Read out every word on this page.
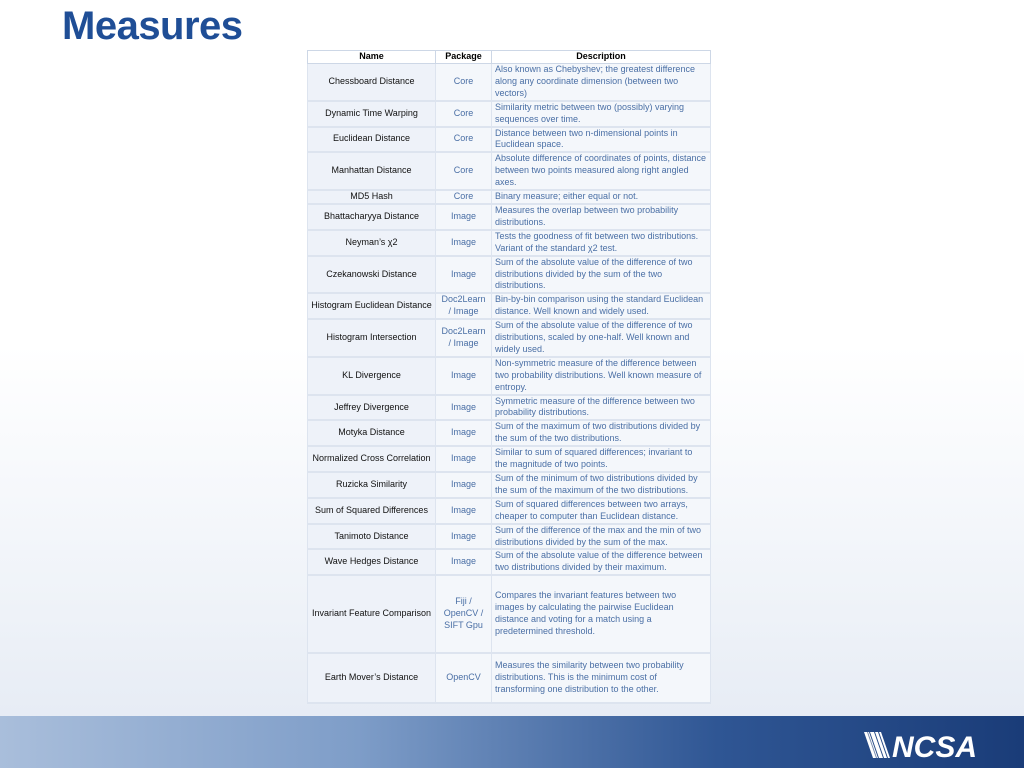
Measures
Name	Package	Description
Chessboard Distance	Core	Also known as Chebyshev; the greatest difference along any coordinate dimension (between two vectors)
Dynamic Time Warping	Core	Similarity metric between two (possibly) varying sequences over time.
Euclidean Distance	Core	Distance between two n-dimensional points in Euclidean space.
Manhattan Distance	Core	Absolute difference of coordinates of points, distance between two points measured along right angled axes.
MD5 Hash	Core	Binary measure; either equal or not.
Bhattacharyya Distance	Image	Measures the overlap between two probability distributions.
Neyman’s χ2	Image	Tests the goodness of fit between two distributions. Variant of the standard χ2 test.
Czekanowski Distance	Image	Sum of the absolute value of the difference of two distributions divided by the sum of the two distributions.
Histogram Euclidean Distance	Doc2Learn / Image	Bin-by-bin comparison using the standard Euclidean distance. Well known and widely used.
Histogram Intersection	Doc2Learn / Image	Sum of the absolute value of the difference of two distributions, scaled by one-half. Well known and widely used.
KL Divergence	Image	Non-symmetric measure of the difference between two probability distributions. Well known measure of entropy.
Jeffrey Divergence	Image	Symmetric measure of the difference between two probability distributions.
Motyka Distance	Image	Sum of the maximum of two distributions divided by the sum of the two distributions.
Normalized Cross Correlation	Image	Similar to sum of squared differences; invariant to the magnitude of two points.
Ruzicka Similarity	Image	Sum of the minimum of two distributions divided by the sum of the maximum of the two distributions.
Sum of Squared Differences	Image	Sum of squared differences between two arrays, cheaper to computer than Euclidean distance.
Tanimoto Distance	Image	Sum of the difference of the max and the min of two distributions divided by the sum of the max.
Wave Hedges Distance	Image	Sum of the absolute value of the difference between two distributions divided by their maximum.
Invariant Feature Comparison	Fiji / OpenCV / SIFT Gpu	Compares the invariant features between two images by calculating the pairwise Euclidean distance and voting for a match using a predetermined threshold.
Earth Mover’s Distance	OpenCV	Measures the similarity between two probability distributions. This is the minimum cost of transforming one distribution to the other.
NCSA
